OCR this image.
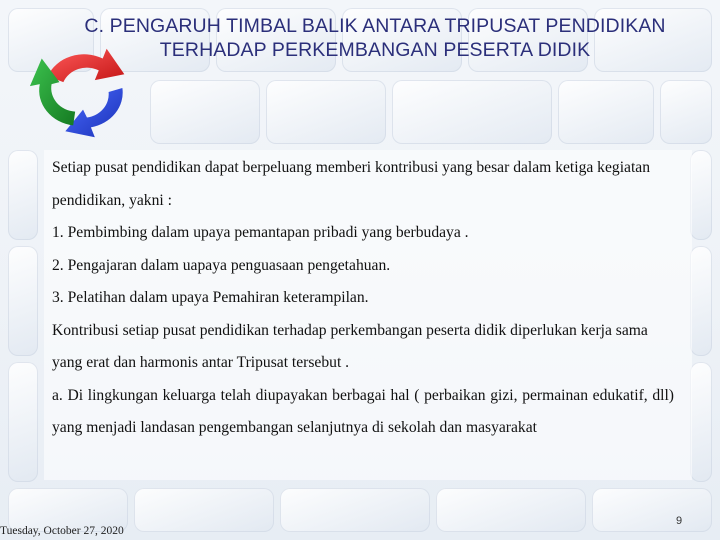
C. PENGARUH TIMBAL BALIK ANTARA TRIPUSAT PENDIDIKAN
TERHADAP PERKEMBANGAN PESERTA DIDIK

Setiap pusat pendidikan dapat berpeluang memberi kontribusi yang besar dalam ketiga kegiatan pendidikan, yakni :

1. Pembimbing dalam upaya pemantapan pribadi yang berbudaya .

2. Pengajaran dalam uapaya penguasaan pengetahuan.

3. Pelatihan dalam upaya Pemahiran keterampilan.

Kontribusi setiap pusat pendidikan terhadap perkembangan peserta didik diperlukan kerja sama yang erat dan harmonis antar Tripusat tersebut .

a. Di lingkungan keluarga telah diupayakan berbagai hal ( perbaikan gizi, permainan edukatif, dll) yang menjadi landasan pengembangan selanjutnya di sekolah dan masyarakat

Tuesday, October 27, 2020
9
